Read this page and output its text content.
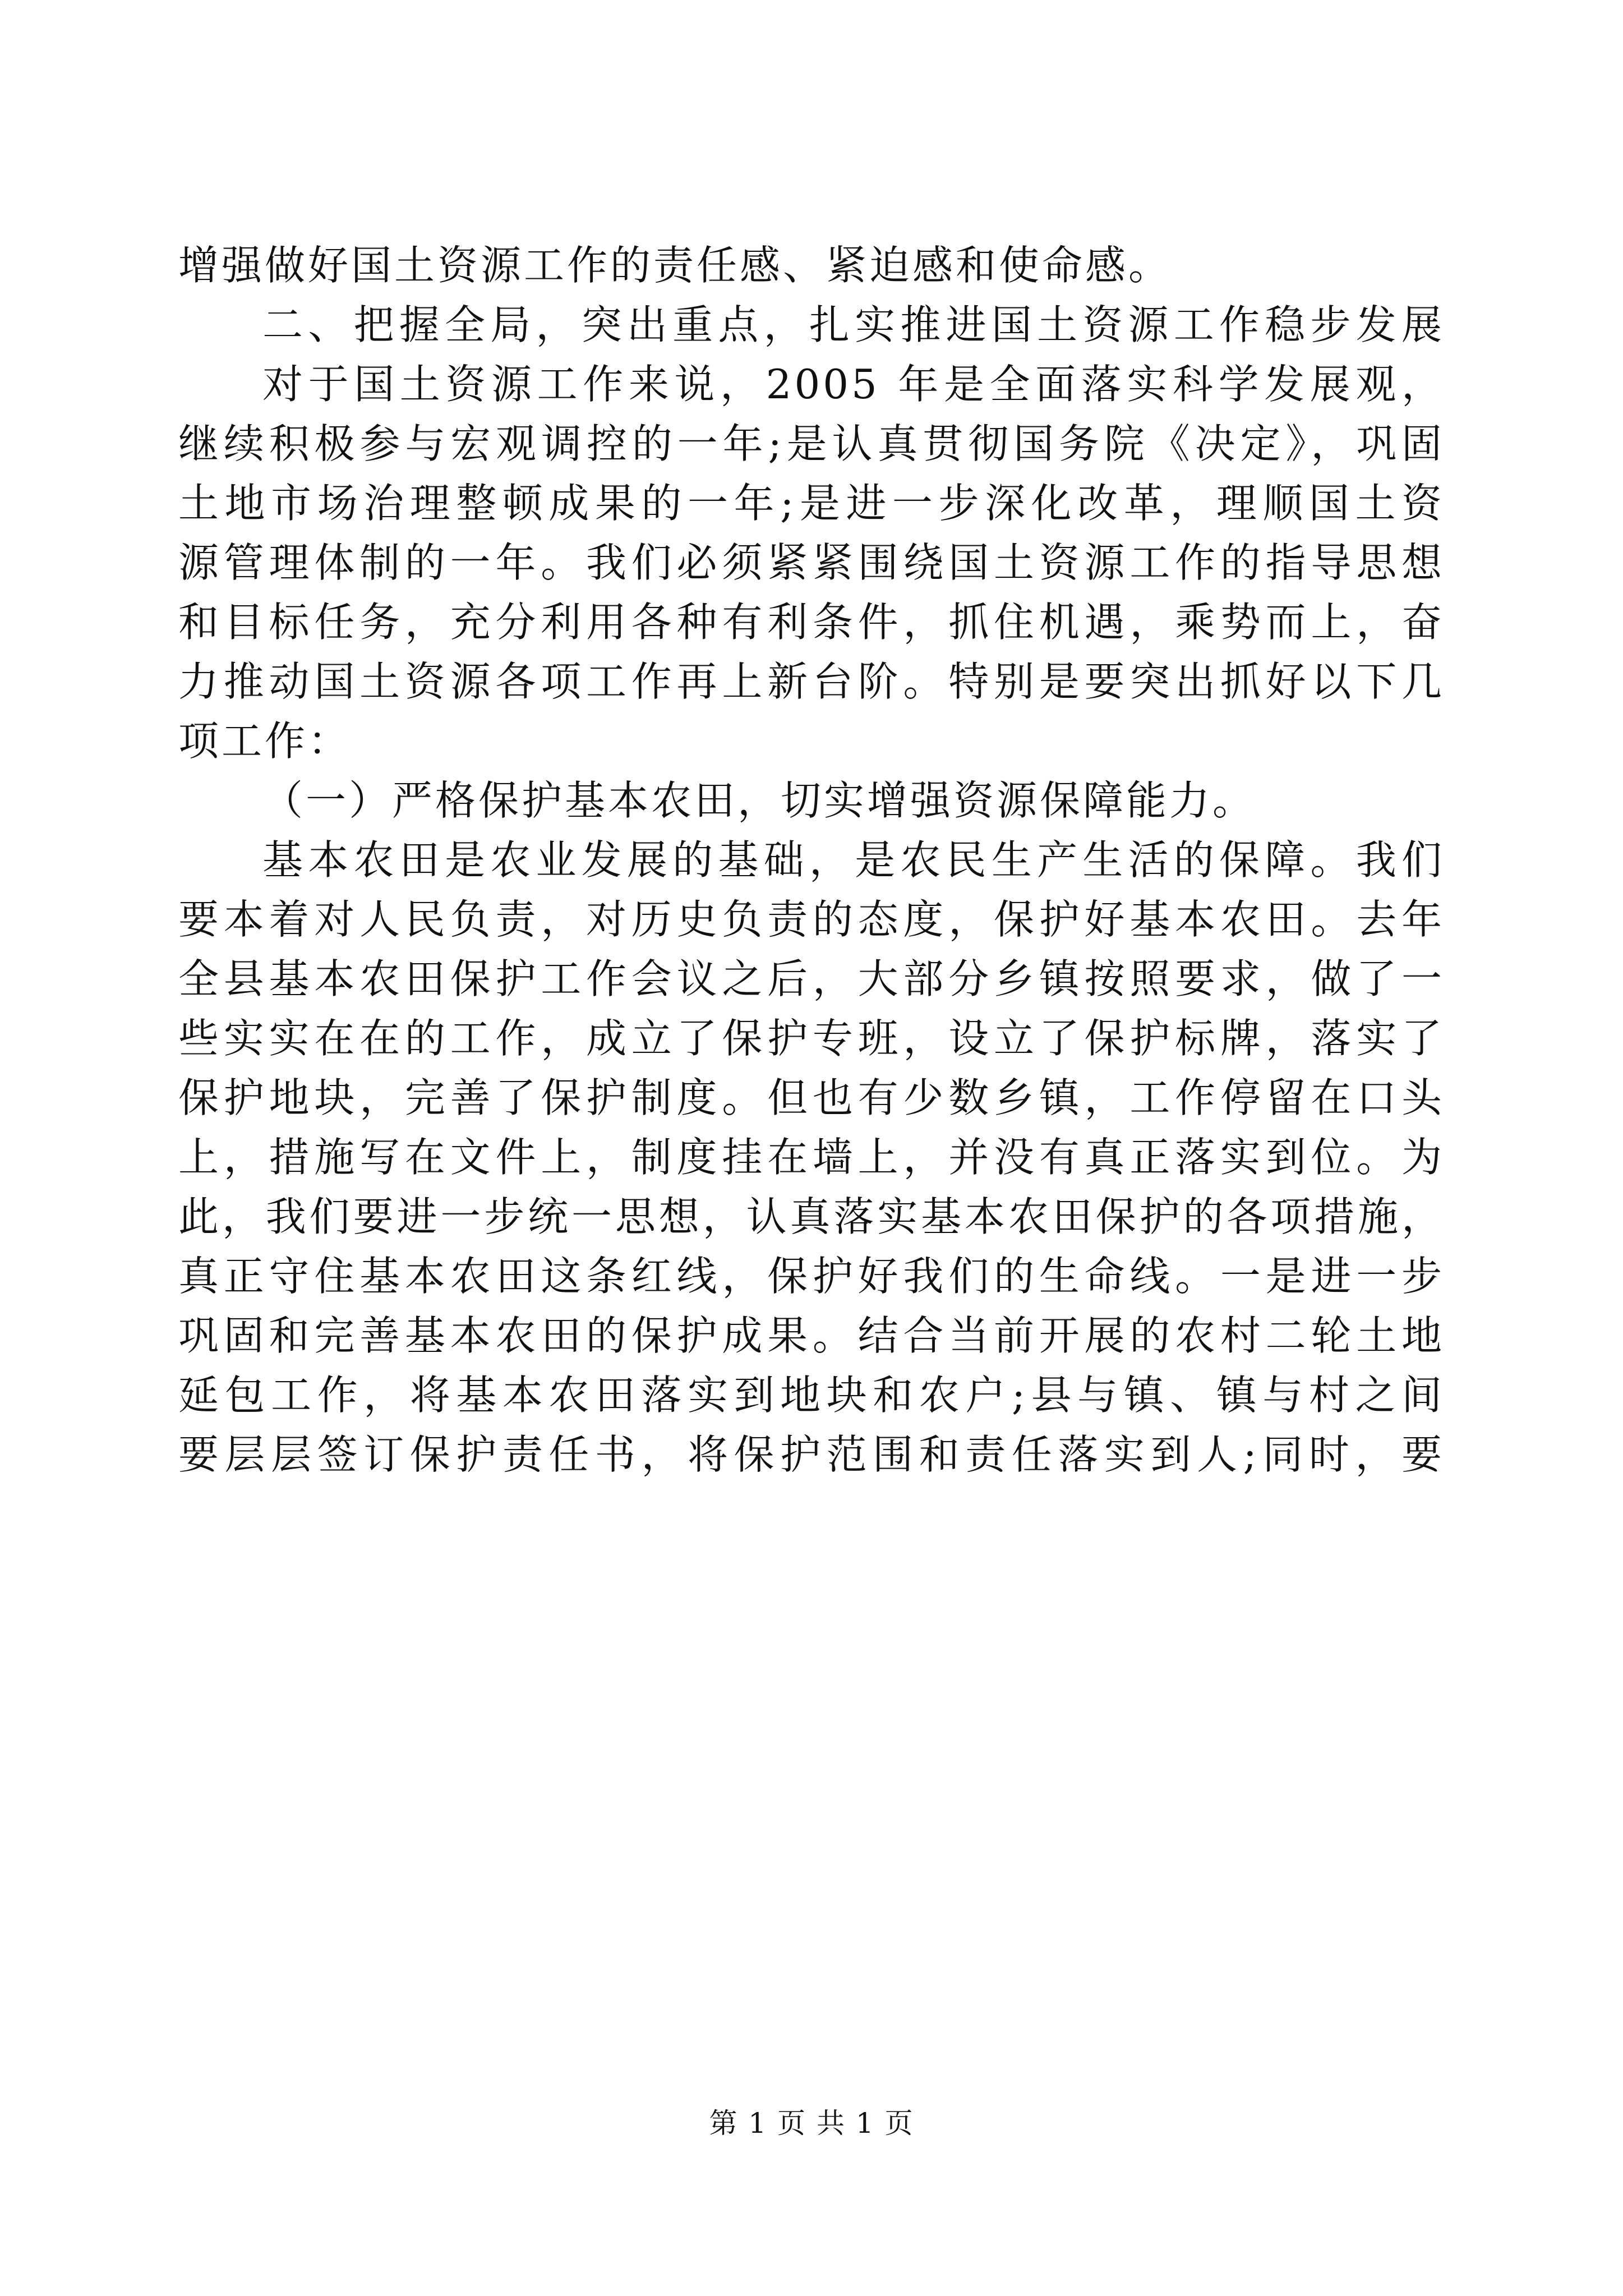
增强做好国土资源工作的责任感、紧迫感和使命感。

二、把握全局，突出重点，扎实推进国土资源工作稳步发展

对于国土资源工作来说，2005 年是全面落实科学发展观，

继续积极参与宏观调控的一年;是认真贯彻国务院《决定》，巩固

土地市场治理整顿成果的一年;是进一步深化改革，理顺国土资

源管理体制的一年。我们必须紧紧围绕国土资源工作的指导思想

和目标任务，充分利用各种有利条件，抓住机遇，乘势而上，奋

力推动国土资源各项工作再上新台阶。特别是要突出抓好以下几

项工作：

（一）严格保护基本农田，切实增强资源保障能力。

基本农田是农业发展的基础，是农民生产生活的保障。我们

要本着对人民负责，对历史负责的态度，保护好基本农田。去年

全县基本农田保护工作会议之后，大部分乡镇按照要求，做了一

些实实在在的工作，成立了保护专班，设立了保护标牌，落实了

保护地块，完善了保护制度。但也有少数乡镇，工作停留在口头

上，措施写在文件上，制度挂在墙上，并没有真正落实到位。为

此，我们要进一步统一思想，认真落实基本农田保护的各项措施，

真正守住基本农田这条红线，保护好我们的生命线。一是进一步

巩固和完善基本农田的保护成果。结合当前开展的农村二轮土地

延包工作，将基本农田落实到地块和农户;县与镇、镇与村之间

要层层签订保护责任书，将保护范围和责任落实到人;同时，要

第 1 页 共 1 页
